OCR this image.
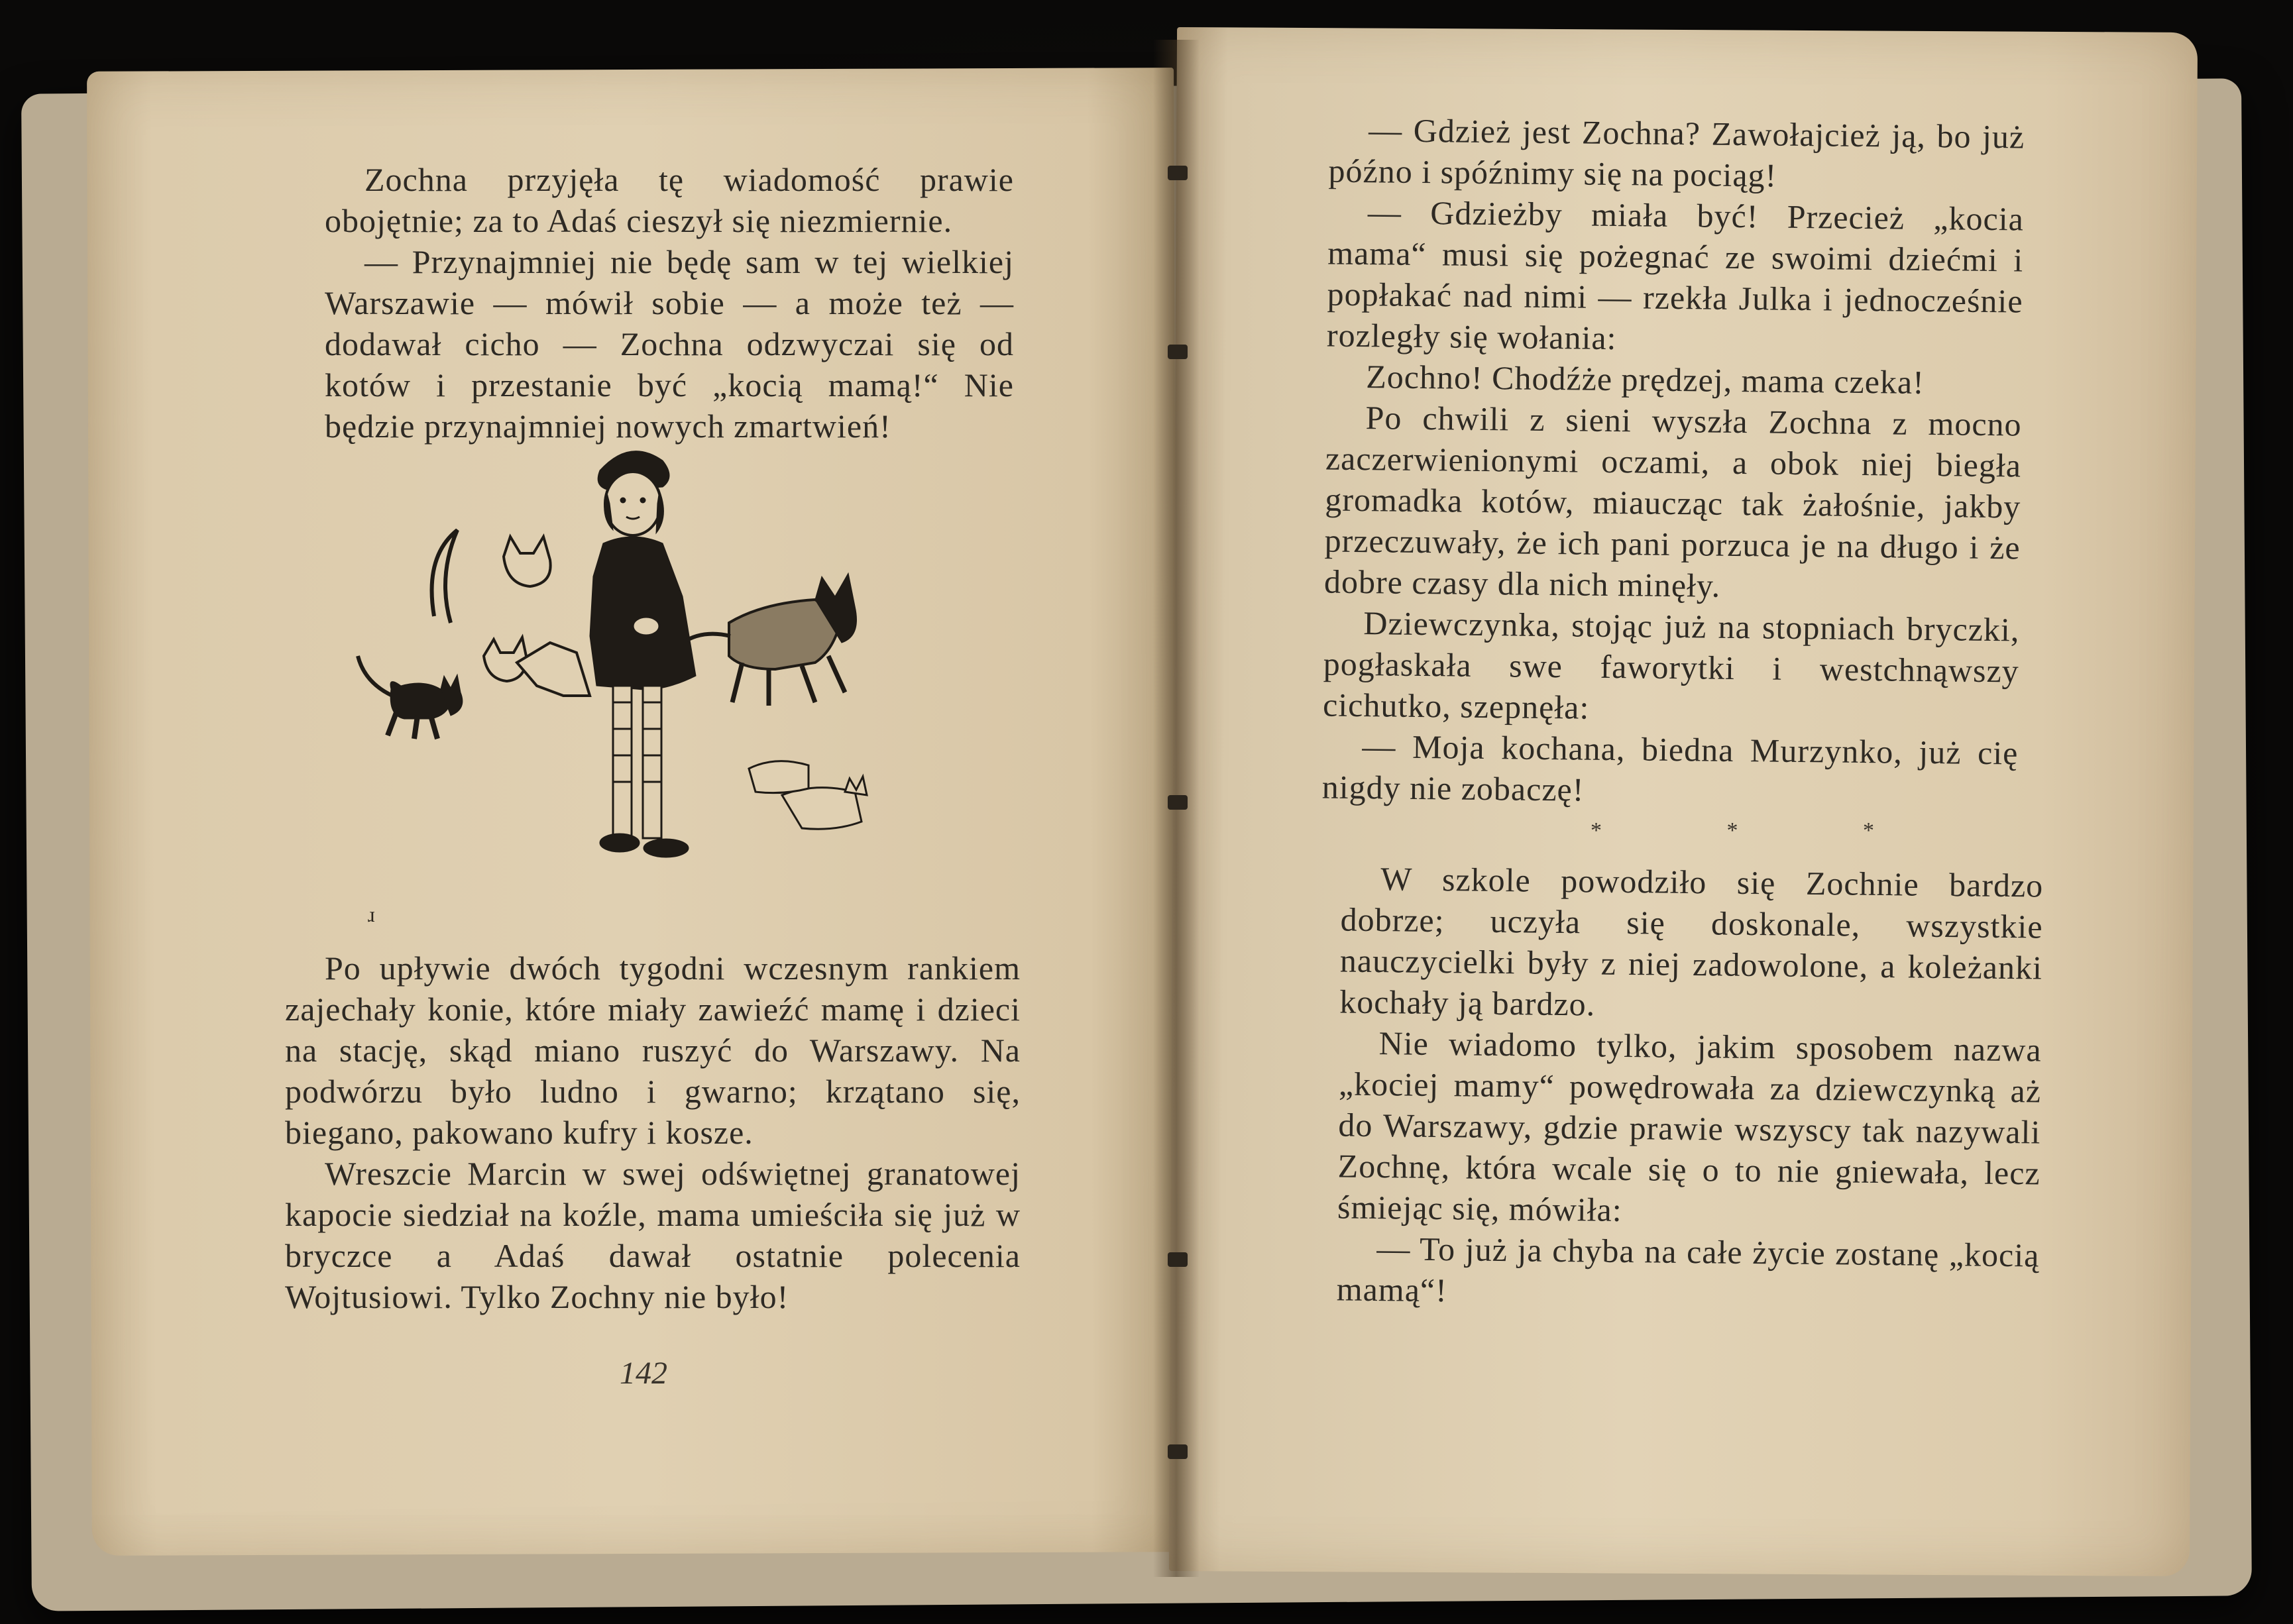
Zochna przyjęła tę wiadomość prawie obojętnie; za to Adaś cieszył się niezmiernie.

— Przynajmniej nie będę sam w tej wielkiej Warszawie — mówił sobie — a może też — dodawał cicho — Zochna odzwyczai się od kotów i przestanie być „kocią mamą!“ Nie będzie przynajmniej nowych zmartwień!

ɹ

Po upływie dwóch tygodni wczesnym rankiem zajechały konie, które miały zawieźć mamę i dzieci na stację, skąd miano ruszyć do Warszawy. Na podwórzu było ludno i gwarno; krzątano się, biegano, pakowano kufry i kosze.

Wreszcie Marcin w swej odświętnej granatowej kapocie siedział na koźle, mama umieściła się już w bryczce a Adaś dawał ostatnie polecenia Wojtusiowi. Tylko Zochny nie było!

142

— Gdzież jest Zochna? Zawołajcież ją, bo już późno i spóźnimy się na pociąg!

— Gdzieżby miała być! Przecież „kocia mama“ musi się pożegnać ze swoimi dziećmi i popłakać nad nimi — rzekła Julka i jednocześnie rozległy się wołania:

Zochno! Chodźże prędzej, mama czeka!

Po chwili z sieni wyszła Zochna z mocno zaczerwienionymi oczami, a obok niej biegła gromadka kotów, miaucząc tak żałośnie, jakby przeczuwały, że ich pani porzuca je na długo i że dobre czasy dla nich minęły.

Dziewczynka, stojąc już na stopniach bryczki, pogłaskała swe faworytki i westchnąwszy cichutko, szepnęła:

— Moja kochana, biedna Murzynko, już cię nigdy nie zobaczę!

* * *

W szkole powodziło się Zochnie bardzo dobrze; uczyła się doskonale, wszystkie nauczycielki były z niej zadowolone, a koleżanki kochały ją bardzo.

Nie wiadomo tylko, jakim sposobem nazwa „kociej mamy“ powędrowała za dziewczynką aż do Warszawy, gdzie prawie wszyscy tak nazywali Zochnę, która wcale się o to nie gniewała, lecz śmiejąc się, mówiła:

— To już ja chyba na całe życie zostanę „kocią mamą“!
